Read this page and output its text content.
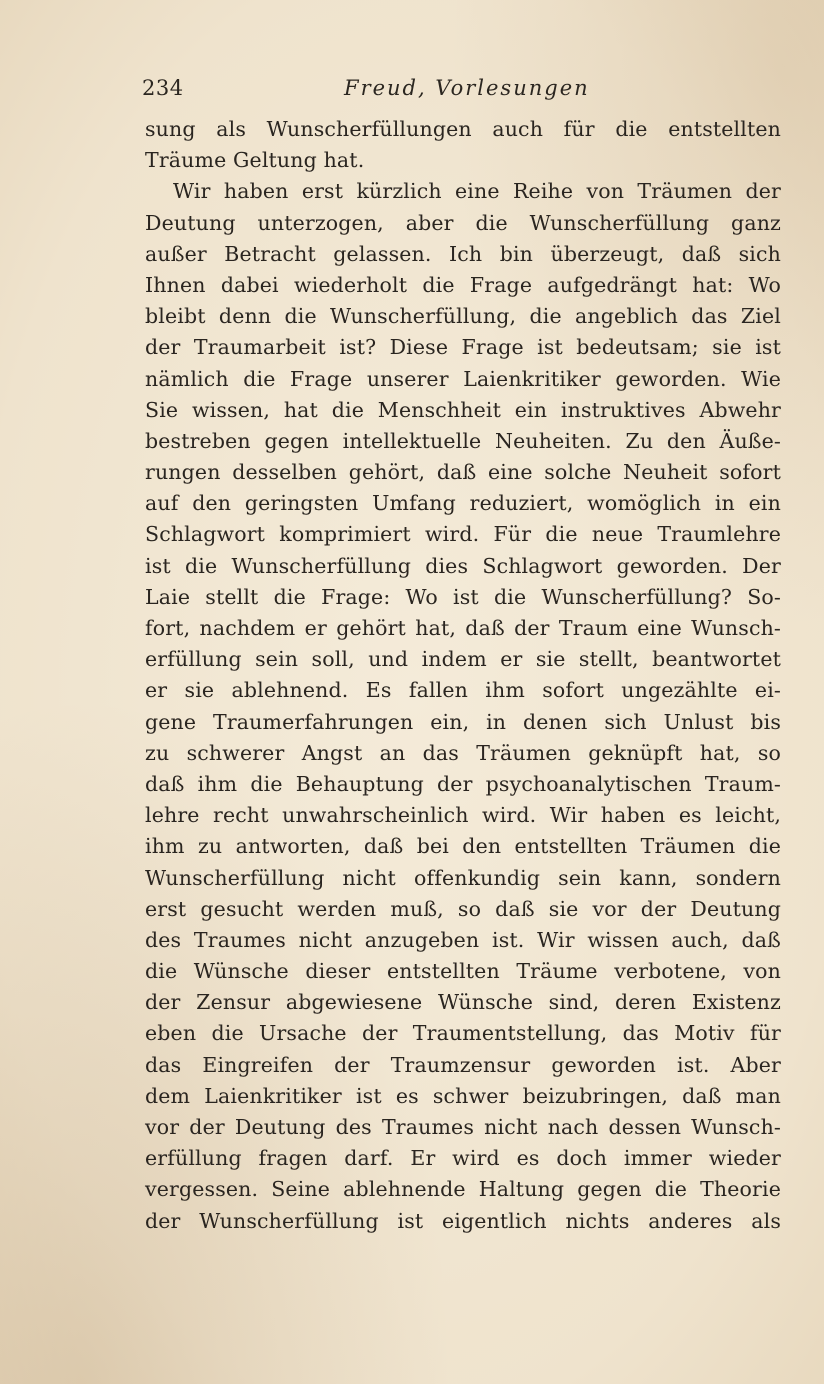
234	Freud, Vorlesungen
sung als Wunscherfüllungen auch für die entstellten
Träume Geltung hat.
Wir haben erst kürzlich eine Reihe von Träumen der
Deutung unterzogen, aber die Wunscherfüllung ganz
außer Betracht gelassen. Ich bin überzeugt, daß sich
Ihnen dabei wiederholt die Frage aufgedrängt hat: Wo
bleibt denn die Wunscherfüllung, die angeblich das Ziel
der Traumarbeit ist? Diese Frage ist bedeutsam; sie ist
nämlich die Frage unserer Laienkritiker geworden. Wie
Sie wissen, hat die Menschheit ein instruktives Abwehr
bestreben gegen intellektuelle Neuheiten. Zu den Äuße-
rungen desselben gehört, daß eine solche Neuheit sofort
auf den geringsten Umfang reduziert, womöglich in ein
Schlagwort komprimiert wird. Für die neue Traumlehre
ist die Wunscherfüllung dies Schlagwort geworden. Der
Laie stellt die Frage: Wo ist die Wunscherfüllung? So-
fort, nachdem er gehört hat, daß der Traum eine Wunsch-
erfüllung sein soll, und indem er sie stellt, beantwortet
er sie ablehnend. Es fallen ihm sofort ungezählte ei-
gene Traumerfahrungen ein, in denen sich Unlust bis
zu schwerer Angst an das Träumen geknüpft hat, so
daß ihm die Behauptung der psychoanalytischen Traum-
lehre recht unwahrscheinlich wird. Wir haben es leicht,
ihm zu antworten, daß bei den entstellten Träumen die
Wunscherfüllung nicht offenkundig sein kann, sondern
erst gesucht werden muß, so daß sie vor der Deutung
des Traumes nicht anzugeben ist. Wir wissen auch, daß
die Wünsche dieser entstellten Träume verbotene, von
der Zensur abgewiesene Wünsche sind, deren Existenz
eben die Ursache der Traumentstellung, das Motiv für
das Eingreifen der Traumzensur geworden ist. Aber
dem Laienkritiker ist es schwer beizubringen, daß man
vor der Deutung des Traumes nicht nach dessen Wunsch-
erfüllung fragen darf. Er wird es doch immer wieder
vergessen. Seine ablehnende Haltung gegen die Theorie
der Wunscherfüllung ist eigentlich nichts anderes als
